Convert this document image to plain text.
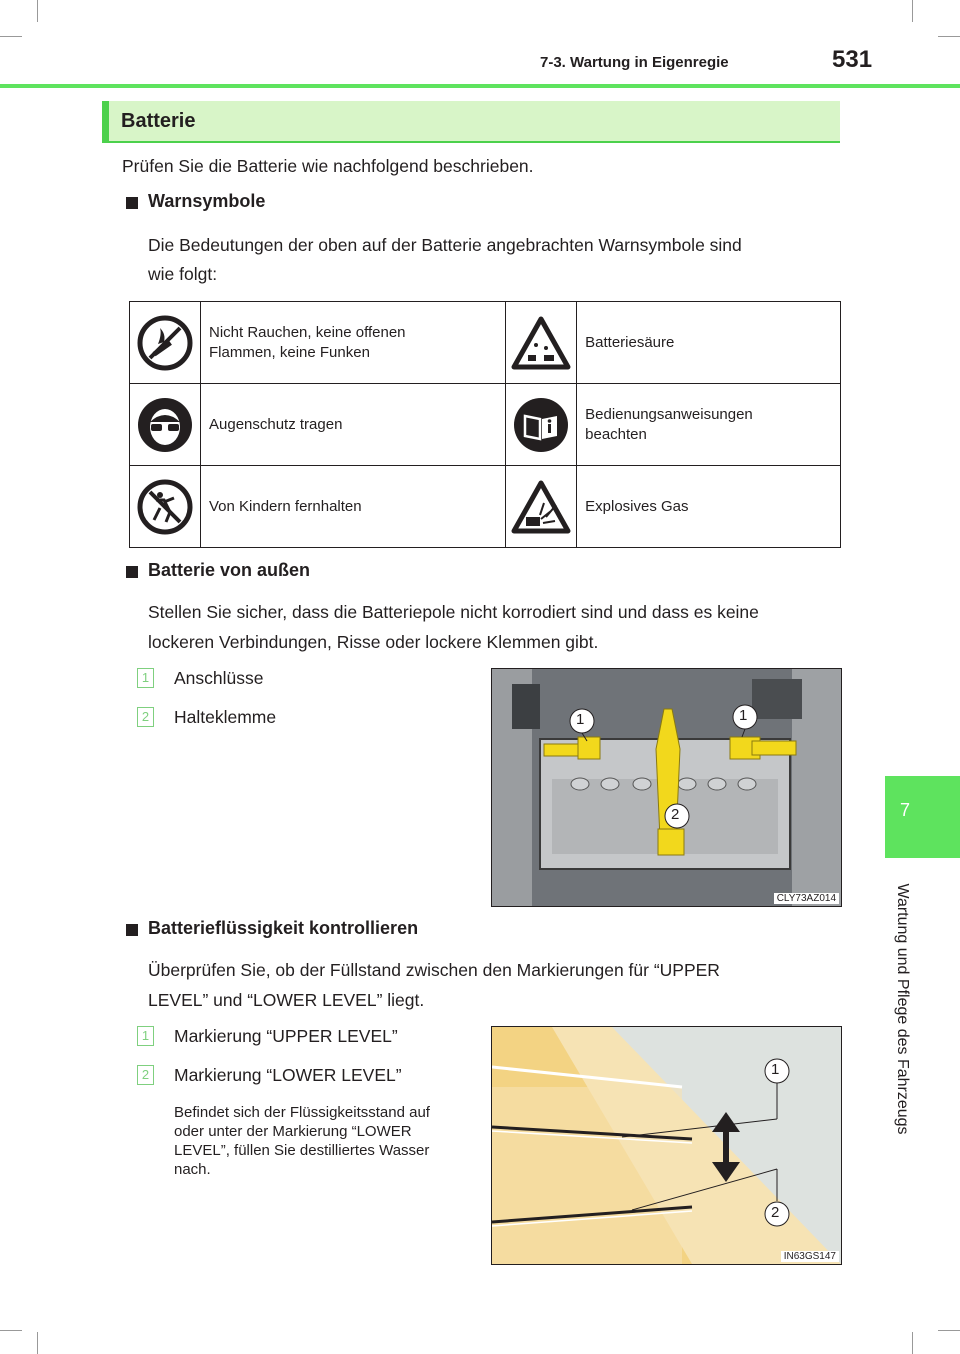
7-3. Wartung in Eigenregie	531
Batterie
Prüfen Sie die Batterie wie nachfolgend beschrieben.
Warnsymbole
Die Bedeutungen der oben auf der Batterie angebrachten Warnsymbole sind
wie folgt:
	Nicht Rauchen, keine offenen
Flammen, keine Funken		Batteriesäure

	Augenschutz tragen		Bedienungsanweisungen
beachten

	Von Kindern fernhalten		Explosives Gas

Batterie von außen
Stellen Sie sicher, dass die Batteriepole nicht korrodiert sind und dass es keine
lockeren Verbindungen, Risse oder lockere Klemmen gibt.
1 Anschlüsse
2 Halteklemme	1	1
2
CLY73AZ014
Batterieflüssigkeit kontrollieren
Überprüfen Sie, ob der Füllstand zwischen den Markierungen für “UPPER
LEVEL” und “LOWER LEVEL” liegt.
1 Markierung “UPPER LEVEL”
2 Markierung “LOWER LEVEL”
Befindet sich der Flüssigkeitsstand auf
oder unter der Markierung “LOWER
LEVEL”, füllen Sie destilliertes Wasser
nach.
1
2
IN63GS147
7
Wartung und Pflege des Fahrzeugs
